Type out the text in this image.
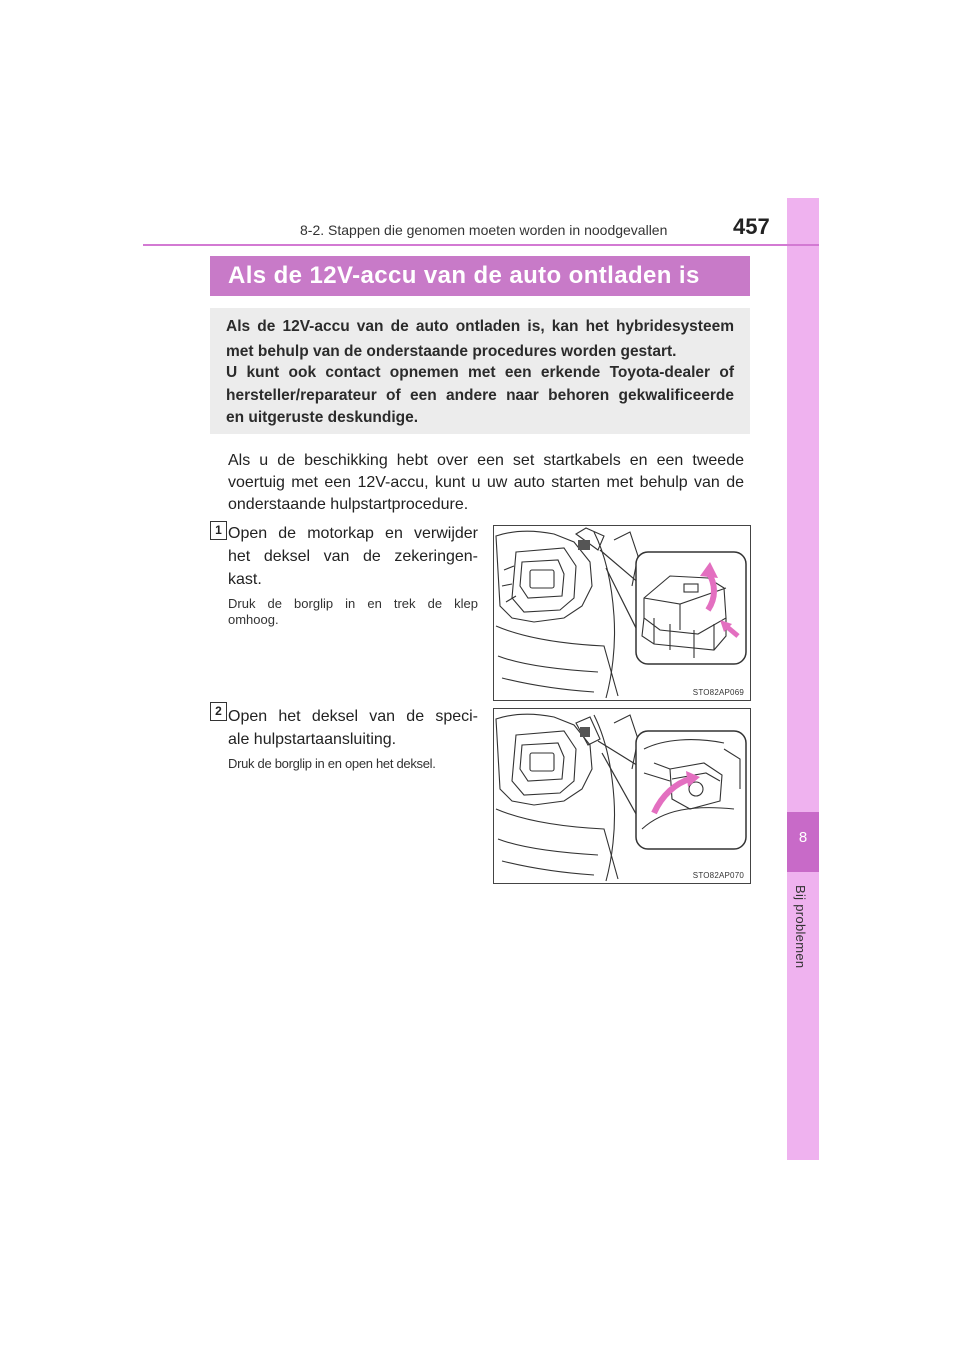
8
Bij problemen
8-2. Stappen die genomen moeten worden in noodgevallen	457
Als de 12V-accu van de auto ontladen is
Als de 12V-accu van de auto ontladen is, kan het hybridesysteem
met behulp van de onderstaande procedures worden gestart.
U kunt ook contact opnemen met een erkende Toyota-dealer of
hersteller/reparateur of een andere naar behoren gekwalificeerde
en uitgeruste deskundige.
Als u de beschikking hebt over een set startkabels en een tweede
voertuig met een 12V-accu, kunt u uw auto starten met behulp van de
onderstaande hulpstartprocedure.
1 Open de motorkap en verwijder
het deksel van de zekeringen-
kast.
Druk de borglip in en trek de klep
omhoog.
STO82AP069
2 Open het deksel van de speci-
ale hulpstartaansluiting.
Druk de borglip in en open het deksel.
STO82AP070
